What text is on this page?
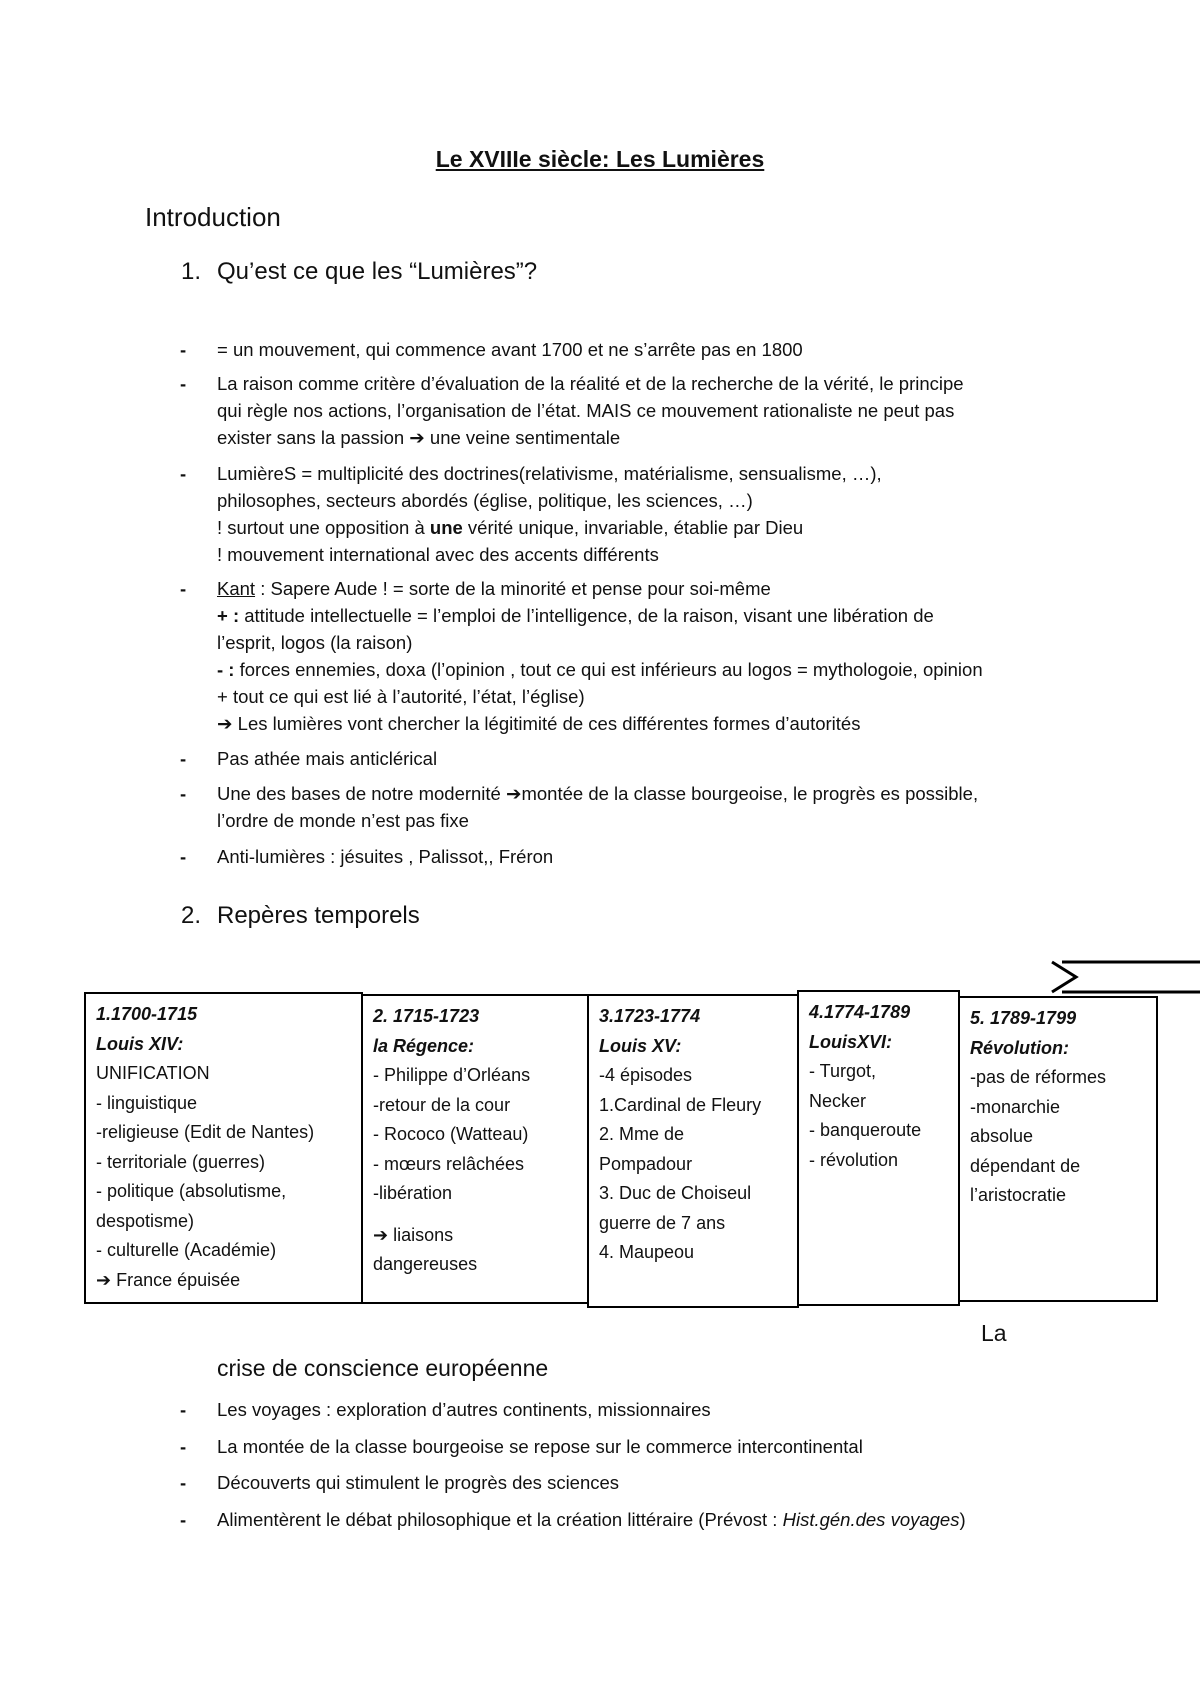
Le XVIIIe siècle: Les Lumières
Introduction
1. Qu’est ce que les “Lumières”?
- = un mouvement, qui commence avant 1700 et ne s’arrête pas en 1800
- La raison comme critère d’évaluation de la réalité et de la recherche de la vérité, le principe
qui règle nos actions, l’organisation de l’état. MAIS ce mouvement rationaliste ne peut pas
exister sans la passion ➔ une veine sentimentale
- LumièreS = multiplicité des doctrines(relativisme, matérialisme, sensualisme, …),
philosophes, secteurs abordés (église, politique, les sciences, …)
! surtout une opposition à une vérité unique, invariable, établie par Dieu
! mouvement international avec des accents différents
- Kant : Sapere Aude ! = sorte de la minorité et pense pour soi-même
+ : attitude intellectuelle = l’emploi de l’intelligence, de la raison, visant une libération de
l’esprit, logos (la raison)
- : forces ennemies, doxa (l’opinion , tout ce qui est inférieurs au logos = mythologoie, opinion
+ tout ce qui est lié à l’autorité, l’état, l’église)
➔ Les lumières vont chercher la légitimité de ces différentes formes d’autorités
- Pas athée mais anticlérical
- Une des bases de notre modernité ➔montée de la classe bourgeoise, le progrès es possible,
l’ordre de monde n’est pas fixe
- Anti-lumières : jésuites , Palissot,, Fréron
2. Repères temporels
1.1700-1715
Louis XIV:
UNIFICATION
- linguistique
-religieuse (Edit de Nantes)
- territoriale (guerres)
- politique (absolutisme,
despotisme)
- culturelle (Académie)
➔ France épuisée
2. 1715-1723
la Régence:
- Philippe d’Orléans
-retour de la cour
- Rococo (Watteau)
- mœurs relâchées
-libération
➔ liaisons
dangereuses
3.1723-1774
Louis XV:
-4 épisodes
1.Cardinal de Fleury
2. Mme de
Pompadour
3. Duc de Choiseul
guerre de 7 ans
4. Maupeou
4.1774-1789
LouisXVI:
- Turgot,
Necker
- banqueroute
- révolution
5. 1789-1799
Révolution:
-pas de réformes
-monarchie
absolue
dépendant de
l’aristocratie
La
crise de conscience européenne
- Les voyages : exploration d’autres continents, missionnaires
- La montée de la classe bourgeoise se repose sur le commerce intercontinental
- Découverts qui stimulent le progrès des sciences
- Alimentèrent le débat philosophique et la création littéraire (Prévost : Hist.gén.des voyages)
